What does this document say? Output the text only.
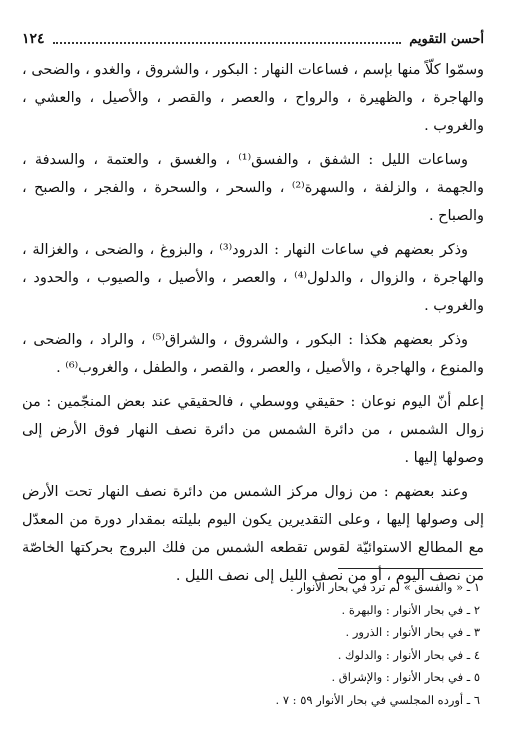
١٢٤	أحسن التقويم

وسمّوا كلّاً منها بإسم ، فساعات النهار : البكور ، والشروق ، والغدو ، والضحى ، والهاجرة ، والظهيرة ، والرواح ، والعصر ، والقصر ، والأصيل ، والعشي ، والغروب .

وساعات الليل : الشفق ، والفسق⁽¹⁾ ، والغسق ، والعتمة ، والسدفة ، والجهمة ، والزلفة ، والسهرة⁽²⁾ ، والسحر ، والسحرة ، والفجر ، والصبح ، والصباح .

وذكر بعضهم في ساعات النهار : الدرود⁽³⁾ ، والبزوغ ، والضحى ، والغزالة ، والهاجرة ، والزوال ، والدلول⁽⁴⁾ ، والعصر ، والأصيل ، والصيوب ، والحدود ، والغروب .

وذكر بعضهم هكذا : البكور ، والشروق ، والشراق⁽⁵⁾ ، والراد ، والضحى ، والمنوع ، والهاجرة ، والأصيل ، والعصر ، والقصر ، والطفل ، والغروب⁽⁶⁾ .

إعلم أنّ اليوم نوعان : حقيقي ووسطي ، فالحقيقي عند بعض المنجّمين : من زوال الشمس ، من دائرة الشمس من دائرة نصف النهار فوق الأرض إلى وصولها إليها .

وعند بعضهم : من زوال مركز الشمس من دائرة نصف النهار تحت الأرض إلى وصولها إليها ، وعلى التقديرين يكون اليوم بليلته بمقدار دورة من المعدّل مع المطالع الاستوائيّة لقوس تقطعه الشمس من فلك البروج بحركتها الخاصّة من نصف اليوم ، أو من نصف الليل إلى نصف الليل .

١ ـ « والفسق » لم ترد في بحار الأنوار .
٢ ـ في بحار الأنوار : والبهرة .
٣ ـ في بحار الأنوار : الذرور .
٤ ـ في بحار الأنوار : والدلوك .
٥ ـ في بحار الأنوار : والإشراق .
٦ ـ أورده المجلسي في بحار الأنوار ٥٩ : ٧ .
